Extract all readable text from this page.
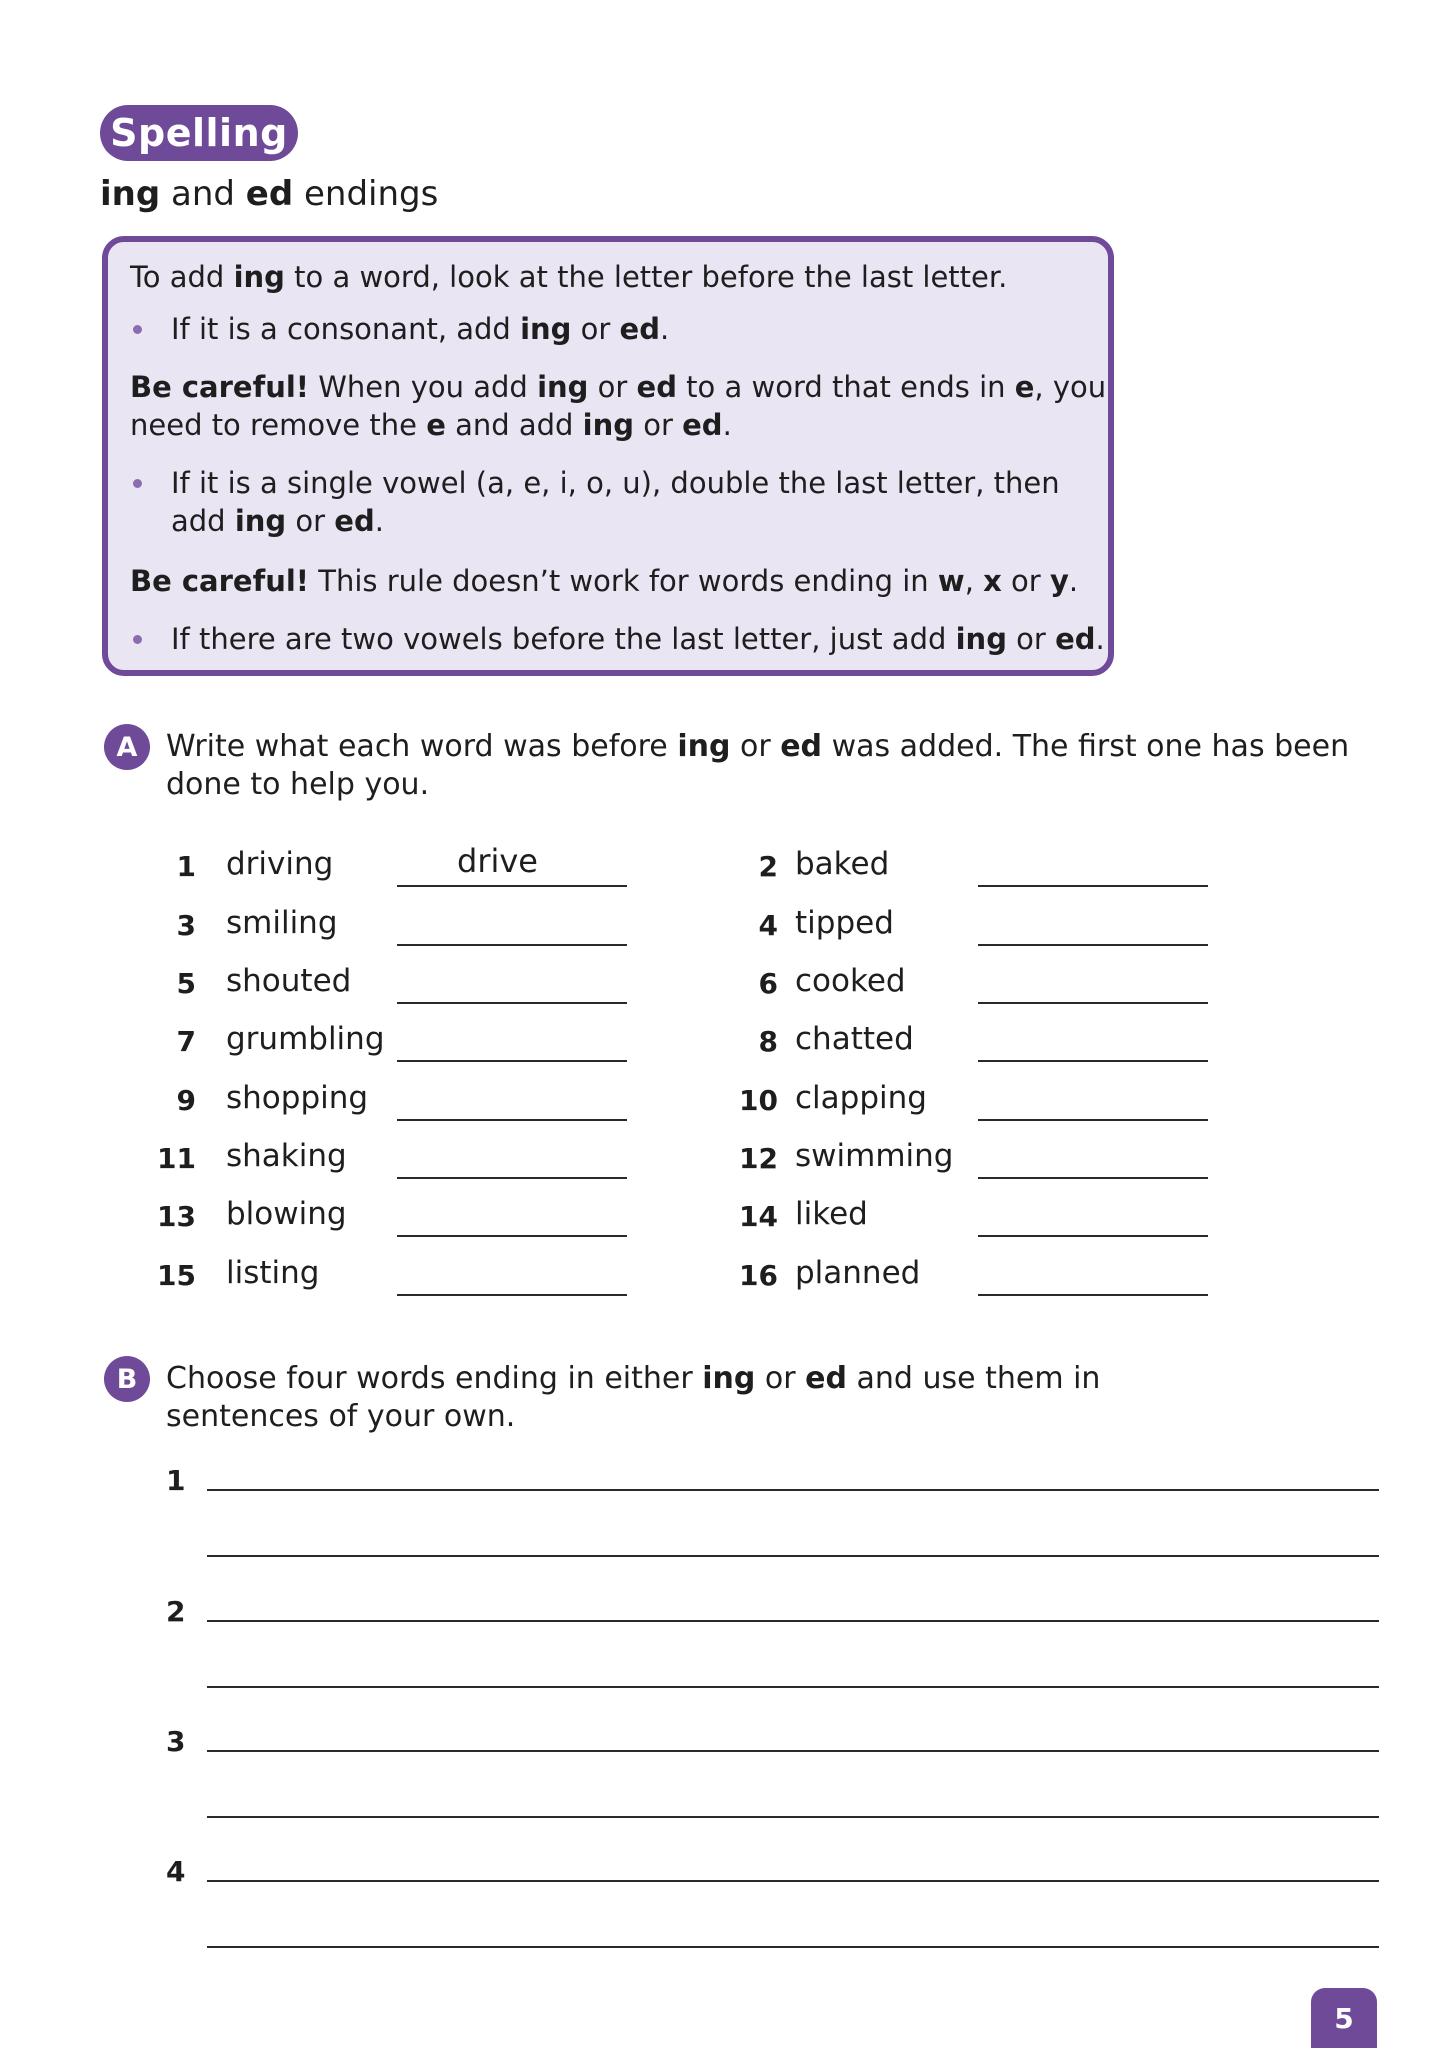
Spelling
ing and ed endings
To add ing to a word, look at the letter before the last letter.
If it is a consonant, add ing or ed.
Be careful! When you add ing or ed to a word that ends in e, you
need to remove the e and add ing or ed.
If it is a single vowel (a, e, i, o, u), double the last letter, then
add ing or ed.
Be careful! This rule doesn’t work for words ending in w, x or y.
If there are two vowels before the last letter, just add ing or ed.
A Write what each word was before ing or ed was added. The first one has been
done to help you.
1 driving	drive	2 baked
3 smiling	4 tipped
5 shouted	6 cooked
7 grumbling	8 chatted
9 shopping	10 clapping
11 shaking	12 swimming
13 blowing	14 liked
15 listing	16 planned
B Choose four words ending in either ing or ed and use them in
sentences of your own.
1
2
3
4
5
